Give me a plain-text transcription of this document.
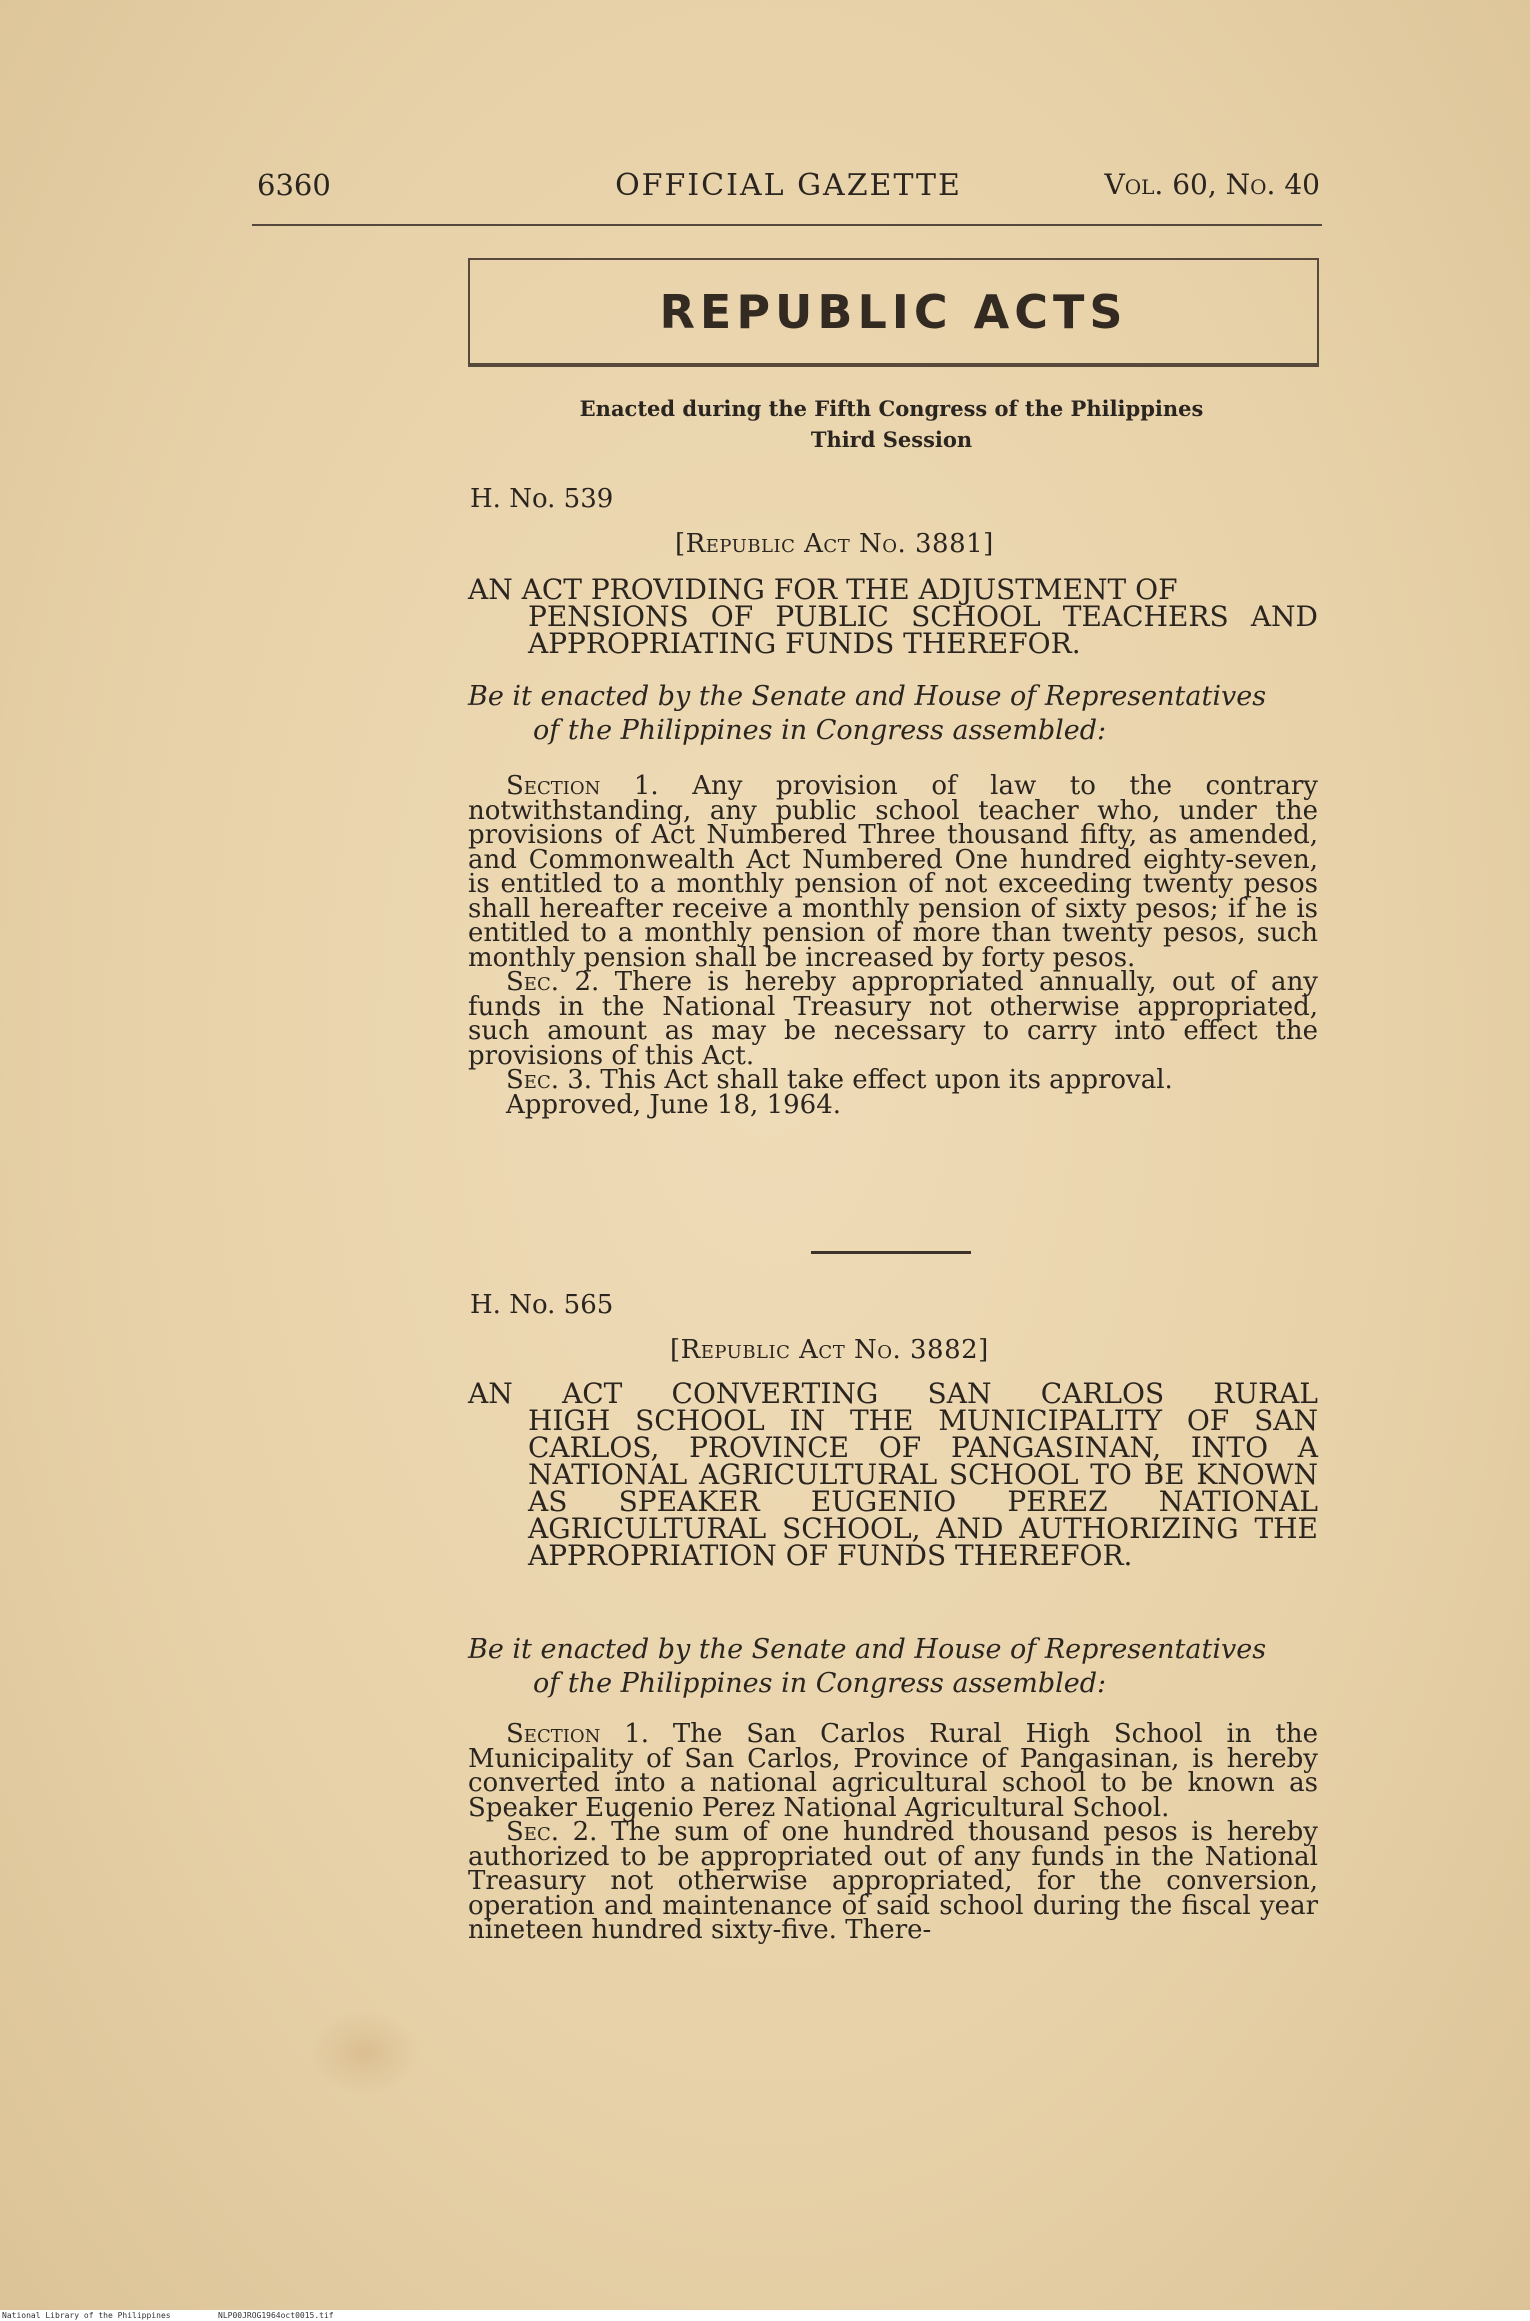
6360	OFFICIAL GAZETTE	Vol. 60, No. 40
REPUBLIC ACTS
Enacted during the Fifth Congress of the Philippines
Third Session
H. No. 539
[Republic Act No. 3881]
AN ACT PROVIDING FOR THE ADJUSTMENT OF
PENSIONS OF PUBLIC SCHOOL TEACHERS AND APPROPRIATING FUNDS THEREFOR.
Be it enacted by the Senate and House of Representatives
of the Philippines in Congress assembled:
Section 1. Any provision of law to the contrary notwithstanding, any public school teacher who, under the provisions of Act Numbered Three thousand fifty, as amended, and Commonwealth Act Numbered One hundred eighty-seven, is entitled to a monthly pension of not exceeding twenty pesos shall hereafter receive a monthly pension of sixty pesos; if he is entitled to a monthly pension of more than twenty pesos, such monthly pension shall be increased by forty pesos.
Sec. 2. There is hereby appropriated annually, out of any funds in the National Treasury not otherwise appropriated, such amount as may be necessary to carry into effect the provisions of this Act.
Sec. 3. This Act shall take effect upon its approval.
Approved, June 18, 1964.
H. No. 565
[Republic Act No. 3882]
AN ACT CONVERTING SAN CARLOS RURAL
HIGH SCHOOL IN THE MUNICIPALITY OF SAN CARLOS, PROVINCE OF PANGASINAN, INTO A NATIONAL AGRICULTURAL SCHOOL TO BE KNOWN AS SPEAKER EUGENIO PEREZ NATIONAL AGRICULTURAL SCHOOL, AND AUTHORIZING THE APPROPRIATION OF FUNDS THEREFOR.
Be it enacted by the Senate and House of Representatives
of the Philippines in Congress assembled:
Section 1. The San Carlos Rural High School in the Municipality of San Carlos, Province of Pangasinan, is hereby converted into a national agricultural school to be known as Speaker Eugenio Perez National Agricultural School.
Sec. 2. The sum of one hundred thousand pesos is hereby authorized to be appropriated out of any funds in the National Treasury not otherwise appropriated, for the conversion, operation and maintenance of said school during the fiscal year nineteen hundred sixty-five. There-
National Library of the Philippines	NLP00JROG1964oct0015.tif
